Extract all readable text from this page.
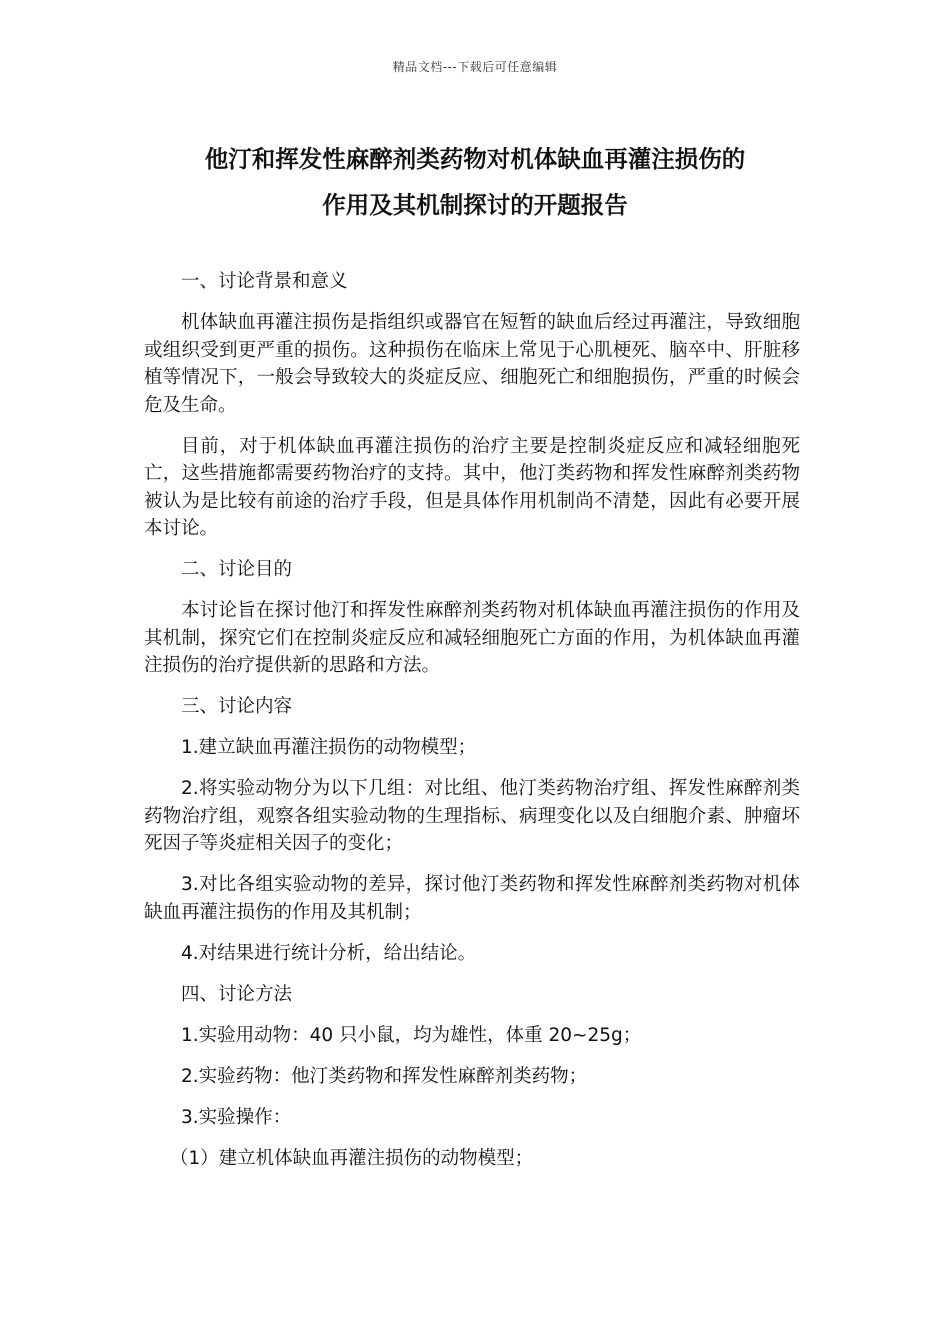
精品文档---下载后可任意编辑
他汀和挥发性麻醉剂类药物对机体缺血再灌注损伤的
作用及其机制探讨的开题报告

一、讨论背景和意义

机体缺血再灌注损伤是指组织或器官在短暂的缺血后经过再灌注，导致细胞或组织受到更严重的损伤。这种损伤在临床上常见于心肌梗死、脑卒中、肝脏移植等情况下，一般会导致较大的炎症反应、细胞死亡和细胞损伤，严重的时候会危及生命。

目前，对于机体缺血再灌注损伤的治疗主要是控制炎症反应和减轻细胞死亡，这些措施都需要药物治疗的支持。其中，他汀类药物和挥发性麻醉剂类药物被认为是比较有前途的治疗手段，但是具体作用机制尚不清楚，因此有必要开展本讨论。

二、讨论目的

本讨论旨在探讨他汀和挥发性麻醉剂类药物对机体缺血再灌注损伤的作用及其机制，探究它们在控制炎症反应和减轻细胞死亡方面的作用，为机体缺血再灌注损伤的治疗提供新的思路和方法。

三、讨论内容

1.建立缺血再灌注损伤的动物模型；

2.将实验动物分为以下几组：对比组、他汀类药物治疗组、挥发性麻醉剂类药物治疗组，观察各组实验动物的生理指标、病理变化以及白细胞介素、肿瘤坏死因子等炎症相关因子的变化；

3.对比各组实验动物的差异，探讨他汀类药物和挥发性麻醉剂类药物对机体缺血再灌注损伤的作用及其机制；

4.对结果进行统计分析，给出结论。

四、讨论方法

1.实验用动物：40 只小鼠，均为雄性，体重 20~25g；

2.实验药物：他汀类药物和挥发性麻醉剂类药物；

3.实验操作：

（1）建立机体缺血再灌注损伤的动物模型；
